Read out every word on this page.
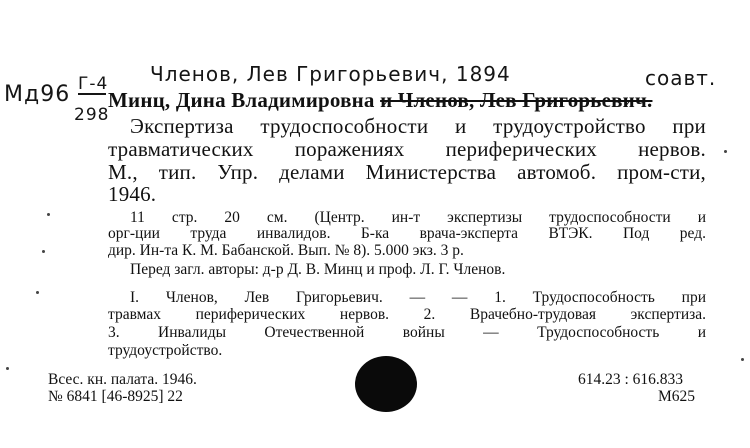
Членов, Лев Григорьевич, 1894	соавт.
Мд96 Г-4
298
Минц, Дина Владимировна и Членов, Лев Григорьевич.
Экспертиза трудоспособности и трудоустройство при
травматических поражениях периферических нервов.
М., тип. Упр. делами Министерства автомоб. пром-сти,
1946.
11 стр. 20 см. (Центр. ин-т экспертизы трудоспособности и
орг-ции труда инвалидов. Б-ка врача-эксперта ВТЭК. Под ред.
дир. Ин-та К. М. Бабанской. Вып. № 8). 5.000 экз. 3 р.
Перед загл. авторы: д-р Д. В. Минц и проф. Л. Г. Членов.
I. Членов, Лев Григорьевич. — — 1. Трудоспособность при
травмах периферических нервов. 2. Врачебно-трудовая экспертиза.
3. Инвалиды Отечественной войны — Трудоспособность и
трудоустройство.
Всес. кн. палата. 1946.
№ 6841 [46-8925] 22
614.23 : 616.833
М625
